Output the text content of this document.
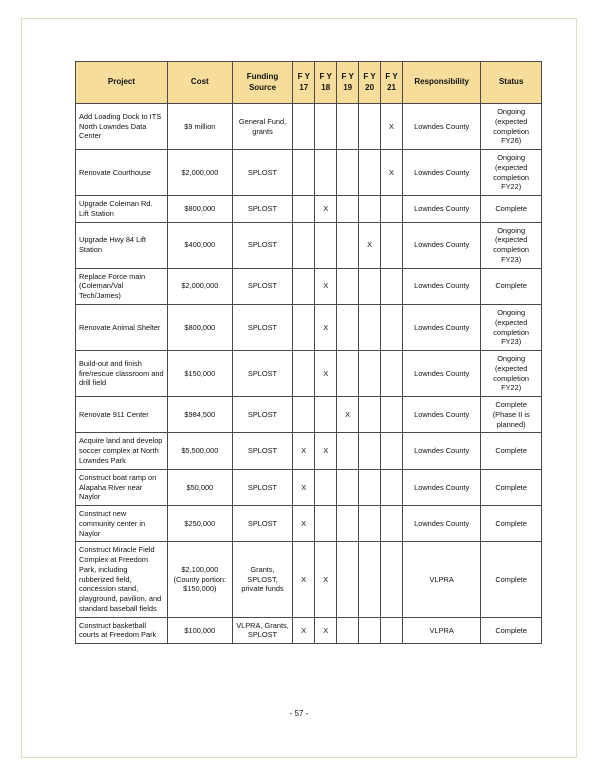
Project	Cost	Funding Source	F Y 17	F Y 18	F Y 19	F Y 20	F Y 21	Responsibility	Status
Add Loading Dock to ITS North Lowndes Data Center	$9 million	General Fund, grants					X	Lowndes County	Ongoing (expected completion FY26)
Renovate Courthouse	$2,000,000	SPLOST					X	Lowndes County	Ongoing (expected completion FY22)
Upgrade Coleman Rd. Lift Station	$800,000	SPLOST		X				Lowndes County	Complete
Upgrade Hwy 84 Lift Station	$400,000	SPLOST				X		Lowndes County	Ongoing (expected completion FY23)
Replace Force main (Coleman/Val Tech/James)	$2,000,000	SPLOST		X				Lowndes County	Complete
Renovate Animal Shelter	$800,000	SPLOST		X				Lowndes County	Ongoing (expected completion FY23)
Build-out and finish fire/rescue classroom and drill field	$150,000	SPLOST		X				Lowndes County	Ongoing (expected completion FY22)
Renovate 911 Center	$984,500	SPLOST			X			Lowndes County	Complete (Phase II is planned)
Acquire land and develop soccer complex at North Lowndes Park	$5,500,000	SPLOST	X	X				Lowndes County	Complete
Construct boat ramp on Alapaha River near Naylor	$50,000	SPLOST	X					Lowndes County	Complete
Construct new community center in Naylor	$250,000	SPLOST	X					Lowndes County	Complete
Construct Miracle Field Complex at Freedom Park, including rubberized field, concession stand, playground, pavilion, and standard baseball fields	$2,100,000 (County portion: $150,000)	Grants, SPLOST, private funds	X	X				VLPRA	Complete
Construct basketball courts at Freedom Park	$100,000	VLPRA, Grants, SPLOST	X	X				VLPRA	Complete
- 57 -
